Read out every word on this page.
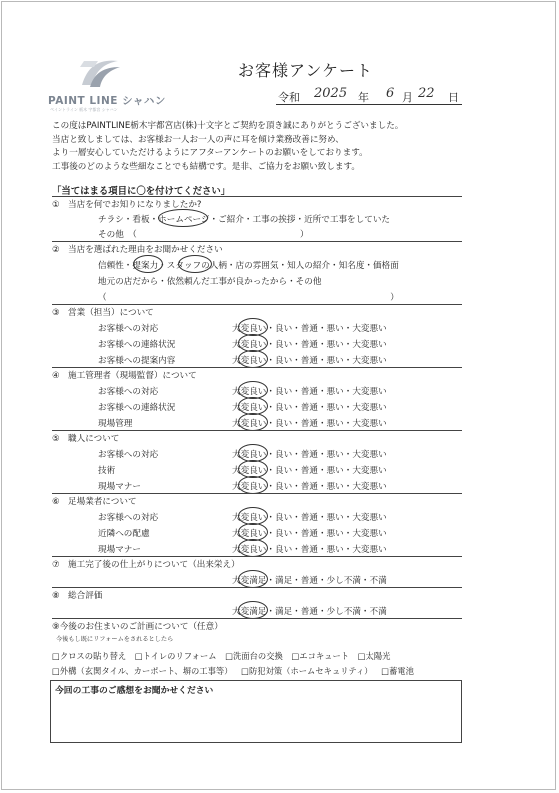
PAINT LINE シャハン
ペイントライン 栃木 宇都宮 シャハン
お客様アンケート
令和 2025 年 6 月 22 日
この度はPAINTLINE栃木宇都宮店(株)十文字とご契約を頂き誠にありがとうございました。
当店と致しましては、お客様お一人お一人の声に耳を傾け業務改善に努め、
より一層安心していただけるようにアフターアンケートのお願いをしております。
工事後のどのような些細なことでも結構です。是非、ご協力をお願い致します。
「当てはまる項目に〇を付けてください」
① 当店を何でお知りになりましたか?
チラシ・看板・ホームページ・ご紹介・工事の挨拶・近所で工事をしていた
その他　（　　　　　　　　　　　　　　　　　　　）
② 当店を選ばれた理由をお聞かせください
信頼性・提案力・スタッフの人柄・店の雰囲気・知人の紹介・知名度・価格面
地元の店だから・依然頼んだ工事が良かったから・その他
（　　　　　　　　　　　　　　　　　　　　　　　　　　　　　　　　　）
③ 営業（担当）について
お客様への対応	大変良い・良い・普通・悪い・大変悪い
お客様への連絡状況	大変良い・良い・普通・悪い・大変悪い
お客様への提案内容	大変良い・良い・普通・悪い・大変悪い
④ 施工管理者（現場監督）について
お客様への対応	大変良い・良い・普通・悪い・大変悪い
お客様への連絡状況	大変良い・良い・普通・悪い・大変悪い
現場管理	大変良い・良い・普通・悪い・大変悪い
⑤ 職人について
お客様への対応	大変良い・良い・普通・悪い・大変悪い
技術	大変良い・良い・普通・悪い・大変悪い
現場マナー	大変良い・良い・普通・悪い・大変悪い
⑥ 足場業者について
お客様への対応	大変良い・良い・普通・悪い・大変悪い
近隣への配慮	大変良い・良い・普通・悪い・大変悪い
現場マナー	大変良い・良い・普通・悪い・大変悪い
⑦ 施工完了後の仕上がりについて（出来栄え）
大変満足・満足・普通・少し不満・不満
⑧ 総合評価
大変満足・満足・普通・少し不満・不満
⑨今後のお住まいのご計画について（任意）
今後もし既にリフォームをされるとしたら
□クロスの貼り替え □トイレのリフォーム □洗面台の交換 □エコキュート □太陽光
□外構（玄関タイル、カーポート、塀の工事等） □防犯対策（ホームセキュリティ） □蓄電池
今回の工事のご感想をお聞かせください
